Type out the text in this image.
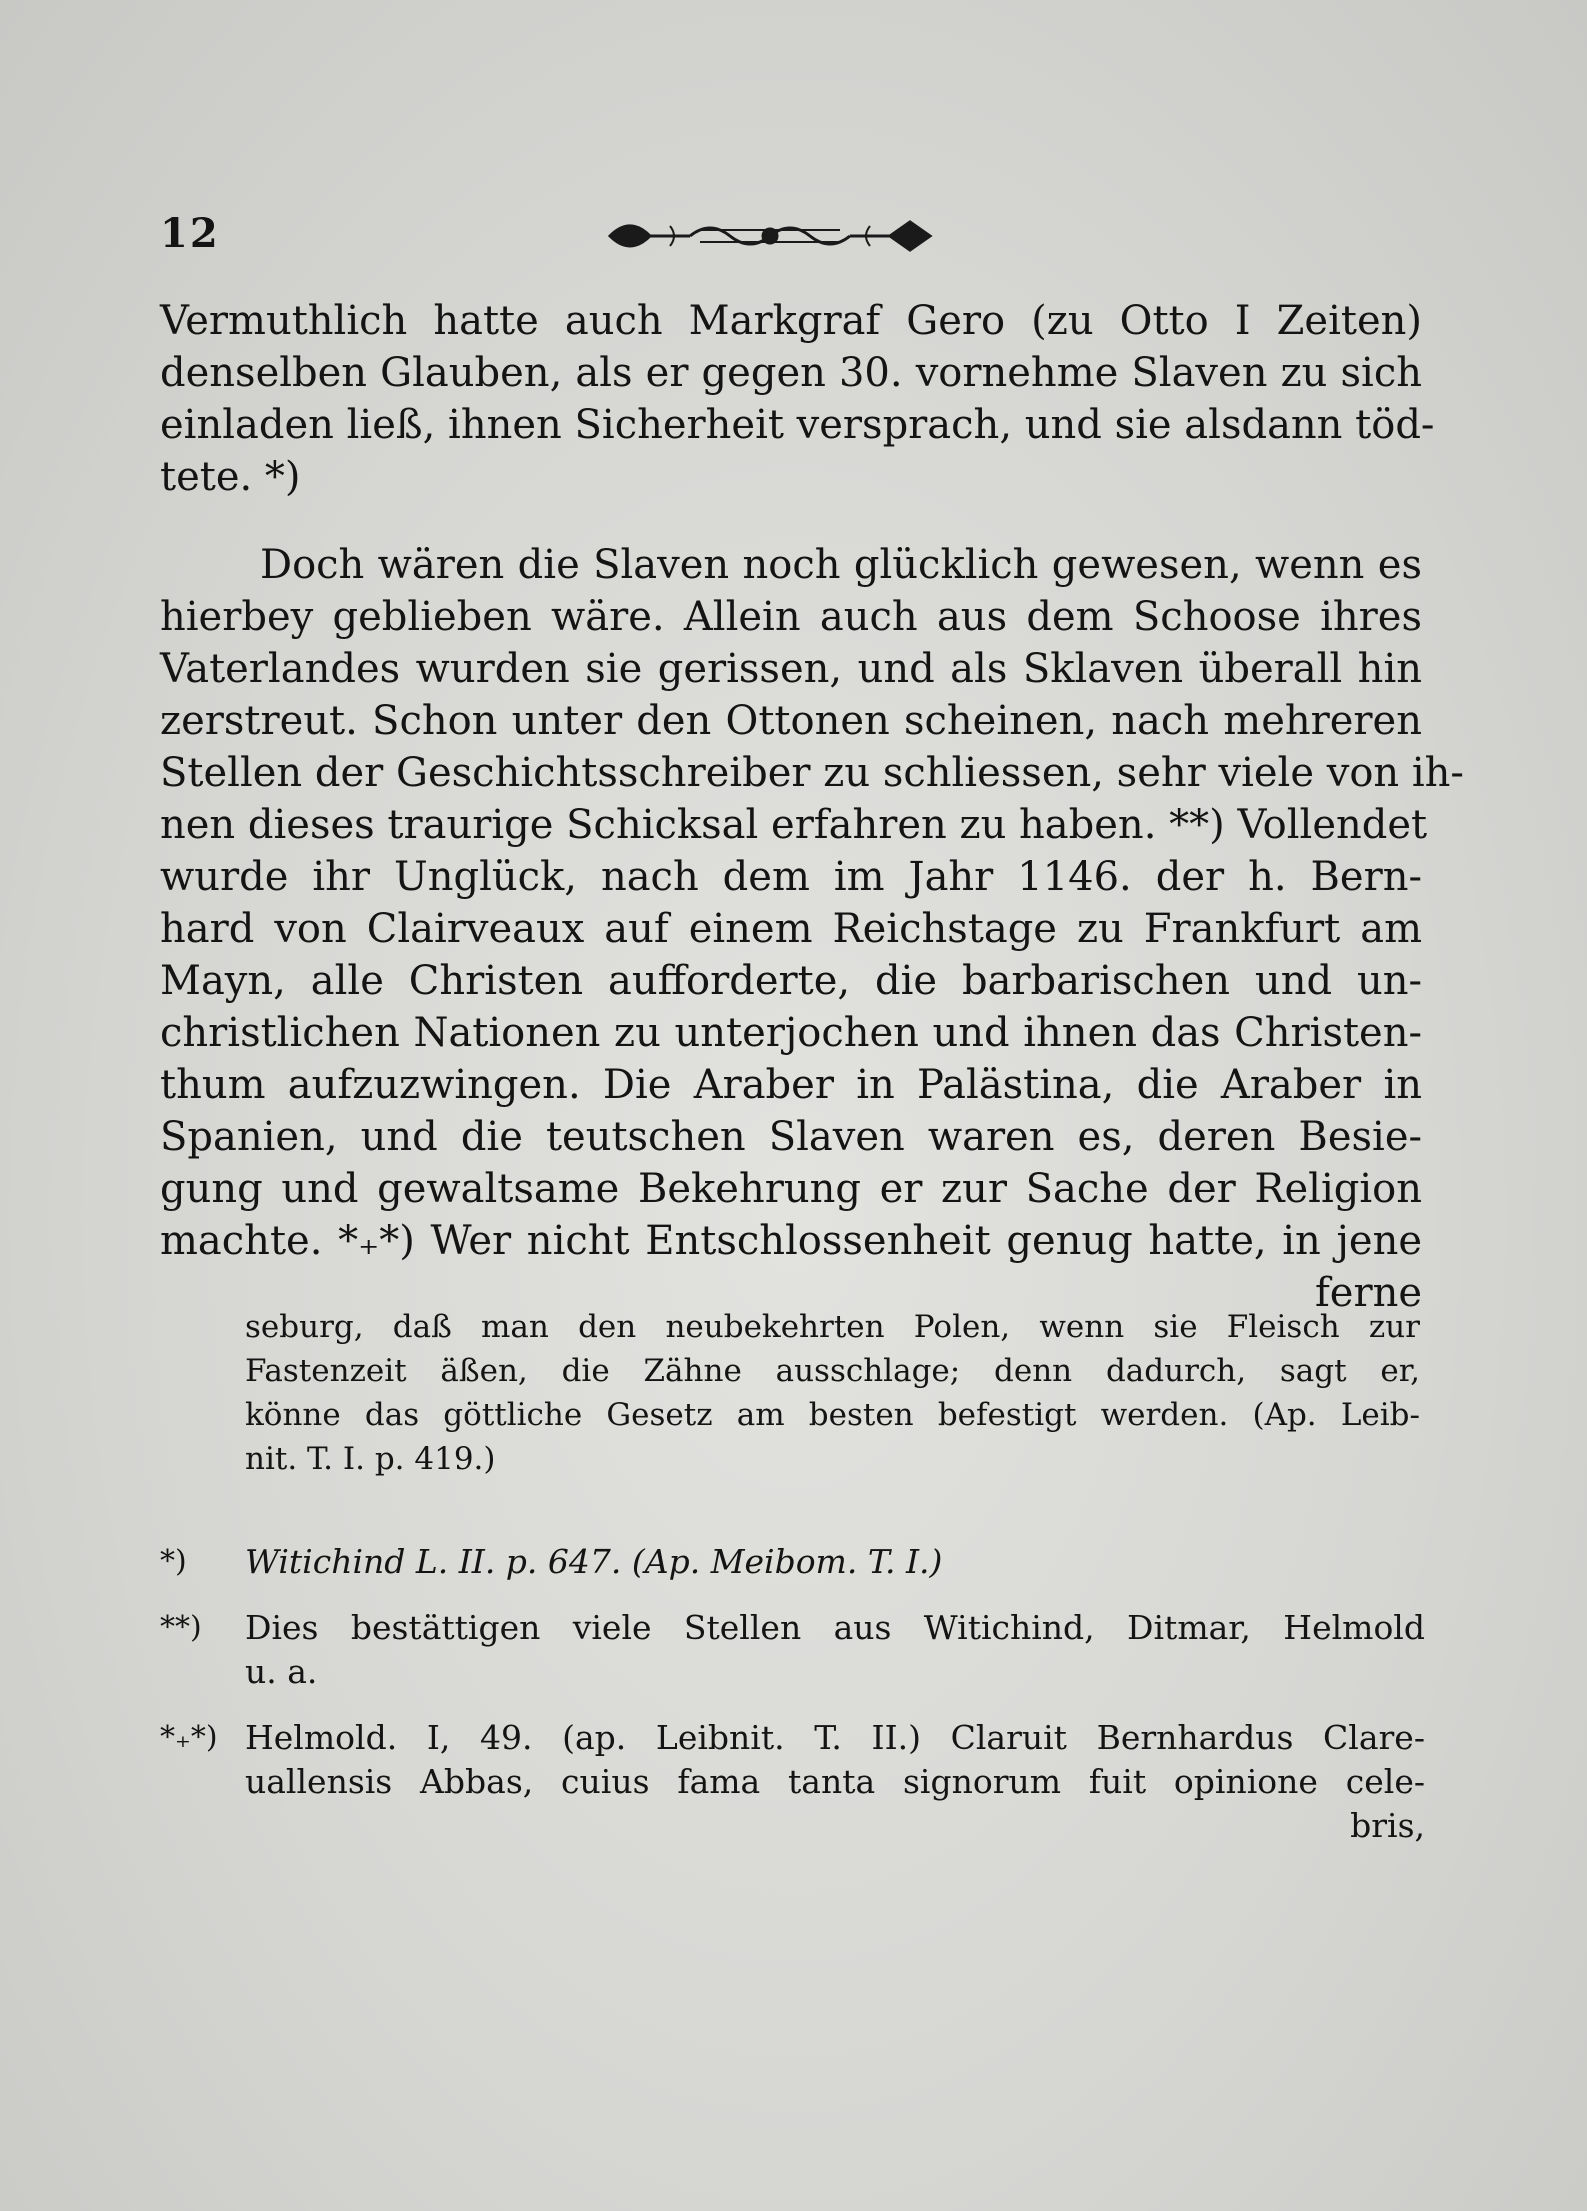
12

Vermuthlich hatte auch Markgraf Gero (zu Otto I Zeiten)
denselben Glauben, als er gegen 30. vornehme Slaven zu sich
einladen ließ, ihnen Sicherheit versprach, und sie alsdann töd-
tete. *)

Doch wären die Slaven noch glücklich gewesen, wenn es
hierbey geblieben wäre. Allein auch aus dem Schoose ihres
Vaterlandes wurden sie gerissen, und als Sklaven überall hin
zerstreut. Schon unter den Ottonen scheinen, nach mehreren
Stellen der Geschichtsschreiber zu schliessen, sehr viele von ih-
nen dieses traurige Schicksal erfahren zu haben. **) Vollendet
wurde ihr Unglück, nach dem im Jahr 1146. der h. Bern-
hard von Clairveaux auf einem Reichstage zu Frankfurt am
Mayn, alle Christen aufforderte, die barbarischen und un-
christlichen Nationen zu unterjochen und ihnen das Christen-
thum aufzuzwingen. Die Araber in Palästina, die Araber in
Spanien, und die teutschen Slaven waren es, deren Besie-
gung und gewaltsame Bekehrung er zur Sache der Religion
machte. *₊*) Wer nicht Entschlossenheit genug hatte, in jene
ferne

seburg, daß man den neubekehrten Polen, wenn sie Fleisch zur
Fastenzeit äßen, die Zähne ausschlage; denn dadurch, sagt er,
könne das göttliche Gesetz am besten befestigt werden. (Ap. Leib-
nit. T. I. p. 419.)
*)	Witichind L. II. p. 647. (Ap. Meibom. T. I.)
**)	Dies bestättigen viele Stellen aus Witichind, Ditmar, Helmold
u. a.
*₊*) Helmold. I, 49. (ap. Leibnit. T. II.) Claruit Bernhardus Clare-
uallensis Abbas, cuius fama tanta signorum fuit opinione cele-
bris,
